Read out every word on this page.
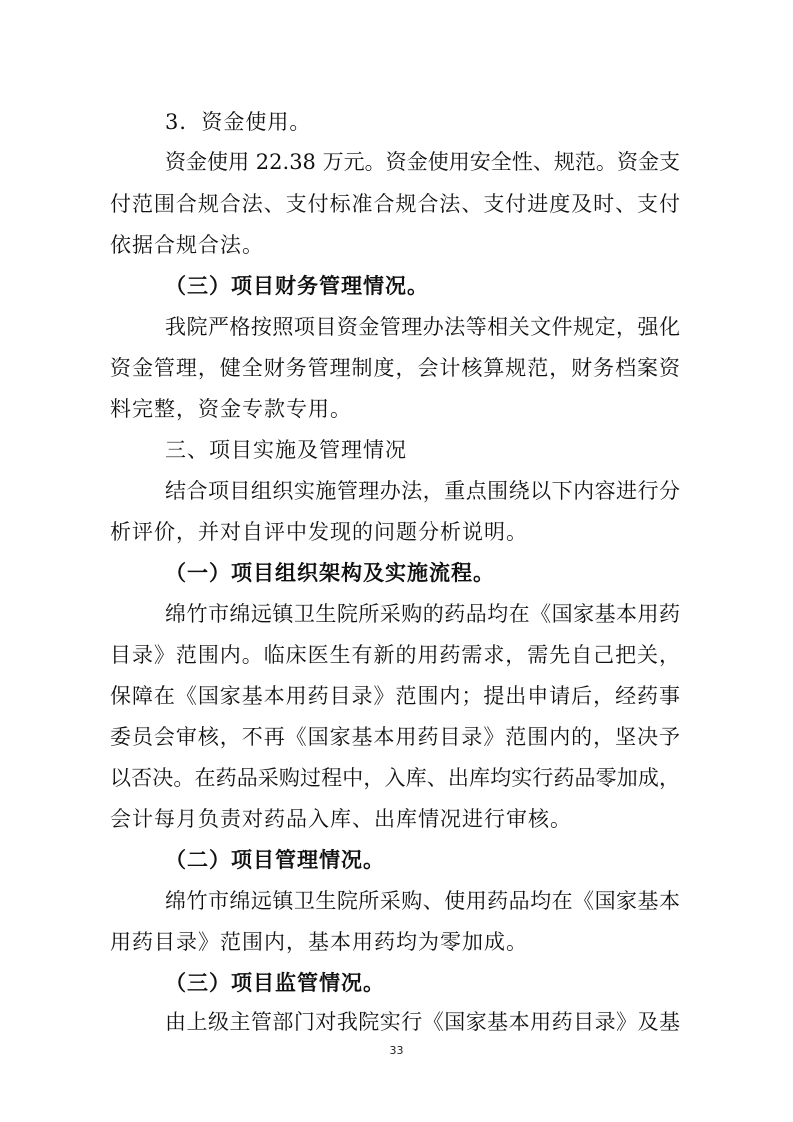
3．资金使用。
资金使用 22.38 万元。资金使用安全性、规范。资金支
付范围合规合法、支付标准合规合法、支付进度及时、支付
依据合规合法。
（三）项目财务管理情况。
我院严格按照项目资金管理办法等相关文件规定，强化
资金管理，健全财务管理制度，会计核算规范，财务档案资
料完整，资金专款专用。
三、项目实施及管理情况
结合项目组织实施管理办法，重点围绕以下内容进行分
析评价，并对自评中发现的问题分析说明。
（一）项目组织架构及实施流程。
绵竹市绵远镇卫生院所采购的药品均在《国家基本用药
目录》范围内。临床医生有新的用药需求，需先自己把关，
保障在《国家基本用药目录》范围内；提出申请后，经药事
委员会审核，不再《国家基本用药目录》范围内的，坚决予
以否决。在药品采购过程中，入库、出库均实行药品零加成，
会计每月负责对药品入库、出库情况进行审核。
（二）项目管理情况。
绵竹市绵远镇卫生院所采购、使用药品均在《国家基本
用药目录》范围内，基本用药均为零加成。
（三）项目监管情况。
由上级主管部门对我院实行《国家基本用药目录》及基
33
